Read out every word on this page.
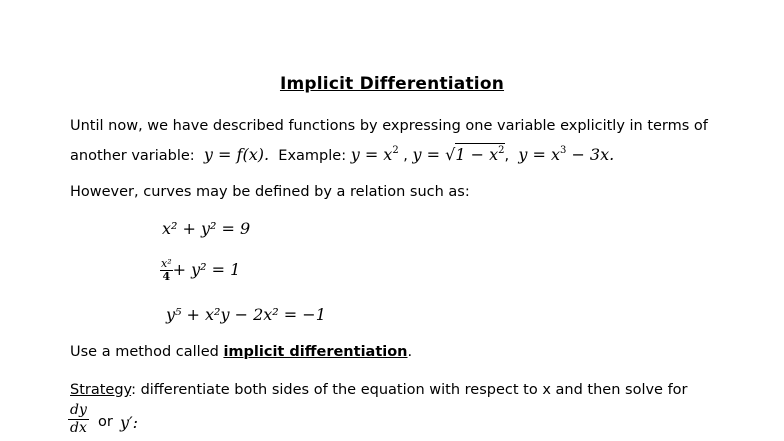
Implicit Differentiation
Until now, we have described functions by expressing one variable explicitly in terms of
another variable: y = f(x). Example: $y = x^2$ , $y = √1 - x^2$,  $y = x^3 - 3x$.
However, curves may be defined by a relation such as:
x² + y² = 9
$\frac{\text{x²}}{4} + y^2 = 1$
y⁵ + x²y − 2x² = −1
Use a method called implicit differentiation.
Strategy: differentiate both sides of the equation with respect to x and then solve for
$\frac{dy}{dx}$ or y′:
